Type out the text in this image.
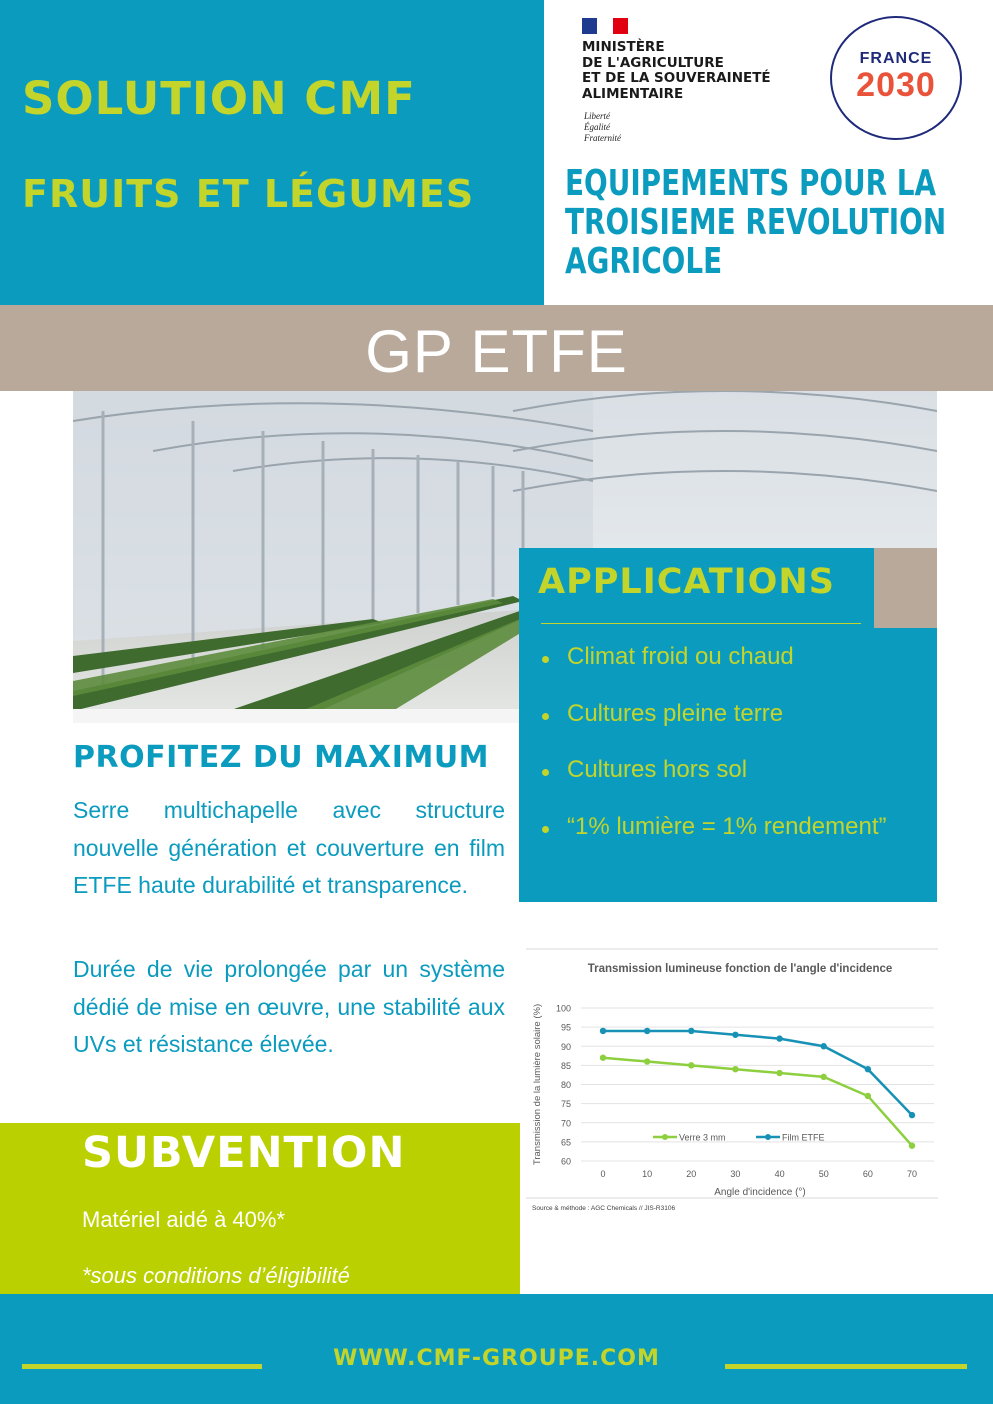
SOLUTION CMF
FRUITS ET LÉGUMES
MINISTÈRE
DE L'AGRICULTURE
ET DE LA SOUVERAINETÉ
ALIMENTAIRE
Liberté
Égalité
Fraternité
FRANCE
2030
EQUIPEMENTS POUR LA
TROISIEME REVOLUTION
AGRICOLE
GP ETFE
APPLICATIONS
Climat froid ou chaud
Cultures pleine terre
Cultures hors sol
“1% lumière = 1% rendement”
PROFITEZ DU MAXIMUM

Serre multichapelle avec structure nouvelle génération et couverture en film ETFE haute durabilité et transparence.

Durée de vie prolongée par un système dédié de mise en œuvre, une stabilité aux UVs et résistance élevée.

SUBVENTION
Matériel aidé à 40%*
*sous conditions d’éligibilité
Transmission lumineuse fonction de l'angle d'incidence
60
65
70
75
80
85
90
95
100
0	10	20	30	40	50	60	70
Angle d'incidence (°)
Transmission de la lumière solaire (%)	Verre 3 mm	Film ETFE
Source & méthode : AGC Chemicals // JIS-R3106
WWW.CMF-GROUPE.COM
